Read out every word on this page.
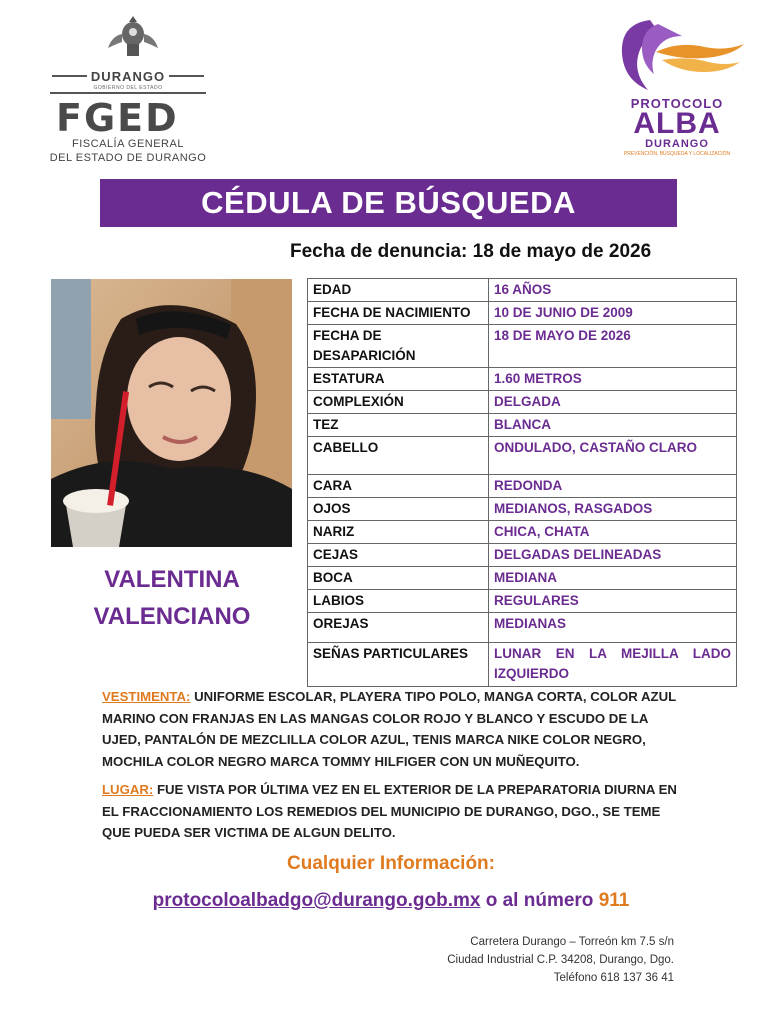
DURANGO
GOBIERNO DEL ESTADO
FGED
FISCALÍA GENERAL
DEL ESTADO DE DURANGO
PROTOCOLO
ALBA
DURANGO
PREVENCIÓN, BÚSQUEDA Y LOCALIZACIÓN
CÉDULA DE BÚSQUEDA
Fecha de denuncia: 18 de mayo de 2026
VALENTINA
VALENCIANO
EDAD	16 AÑOS
FECHA DE NACIMIENTO	10 DE JUNIO DE 2009
FECHA DE DESAPARICIÓN	18 DE MAYO DE 2026
ESTATURA	1.60 METROS
COMPLEXIÓN	DELGADA
TEZ	BLANCA
CABELLO	ONDULADO, CASTAÑO CLARO
CARA	REDONDA
OJOS	MEDIANOS, RASGADOS
NARIZ	CHICA, CHATA
CEJAS	DELGADAS DELINEADAS
BOCA	MEDIANA
LABIOS	REGULARES
OREJAS	MEDIANAS
SEÑAS PARTICULARES	LUNAR EN LA MEJILLA LADO IZQUIERDO
VESTIMENTA: UNIFORME ESCOLAR, PLAYERA TIPO POLO, MANGA CORTA, COLOR AZUL MARINO CON FRANJAS EN LAS MANGAS COLOR ROJO Y BLANCO Y ESCUDO DE LA UJED, PANTALÓN DE MEZCLILLA COLOR AZUL, TENIS MARCA NIKE COLOR NEGRO, MOCHILA COLOR NEGRO MARCA TOMMY HILFIGER CON UN MUÑEQUITO.
LUGAR: FUE VISTA POR ÚLTIMA VEZ EN EL EXTERIOR DE LA PREPARATORIA DIURNA EN EL FRACCIONAMIENTO LOS REMEDIOS DEL MUNICIPIO DE DURANGO, DGO., SE TEME QUE PUEDA SER VICTIMA DE ALGUN DELITO.
Cualquier Información:
protocoloalbadgo@durango.gob.mx o al número 911
Carretera Durango – Torreón km 7.5 s/n
Ciudad Industrial C.P. 34208, Durango, Dgo.
Teléfono 618 137 36 41
